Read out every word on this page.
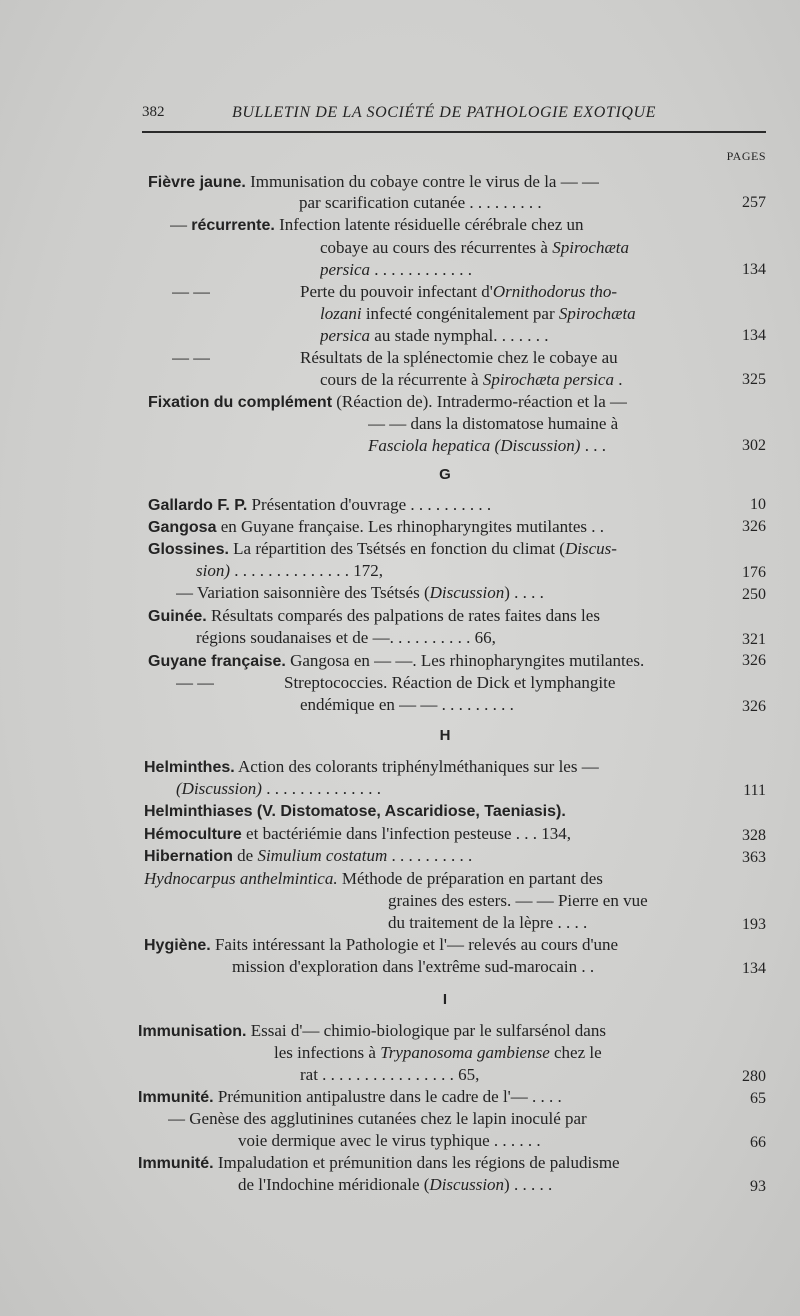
382	BULLETIN DE LA SOCIÉTÉ DE PATHOLOGIE EXOTIQUE
PAGES
Fièvre jaune. Immunisation du cobaye contre le virus de la — —
par scarification cutanée . . . . . . . . .	257
— récurrente. Infection latente résiduelle cérébrale chez un
cobaye au cours des récurrentes à Spirochæta
persica . . . . . . . . . . . .	134
— —	Perte du pouvoir infectant d'Ornithodorus tho-
lozani infecté congénitalement par Spirochæta
persica au stade nymphal. . . . . . .	134
— —	Résultats de la splénectomie chez le cobaye au
cours de la récurrente à Spirochæta persica .	325
Fixation du complément (Réaction de). Intradermo-réaction et la —
— — dans la distomatose humaine à
Fasciola hepatica (Discussion) . . .	302
G
Gallardo F. P. Présentation d'ouvrage . . . . . . . . . .	10
Gangosa en Guyane française. Les rhinopharyngites mutilantes . .	326
Glossines. La répartition des Tsétsés en fonction du climat (Discus-
sion) . . . . . . . . . . . . . . 172,	176
— Variation saisonnière des Tsétsés (Discussion) . . . .	250
Guinée. Résultats comparés des palpations de rates faites dans les
régions soudanaises et de —. . . . . . . . . . 66,	321
Guyane française. Gangosa en — —. Les rhinopharyngites mutilantes.	326
— —	Streptococcies. Réaction de Dick et lymphangite
endémique en — — . . . . . . . . .	326
H
Helminthes. Action des colorants triphénylméthaniques sur les —
(Discussion) . . . . . . . . . . . . . .	111
Helminthiases (V. Distomatose, Ascaridiose, Taeniasis).
Hémoculture et bactériémie dans l'infection pesteuse . . . 134,	328
Hibernation de Simulium costatum . . . . . . . . . .	363
Hydnocarpus anthelmintica. Méthode de préparation en partant des
graines des esters. — — Pierre en vue
du traitement de la lèpre . . . .	193
Hygiène. Faits intéressant la Pathologie et l'— relevés au cours d'une
mission d'exploration dans l'extrême sud-marocain . .	134
I
Immunisation. Essai d'— chimio-biologique par le sulfarsénol dans
les infections à Trypanosoma gambiense chez le
rat . . . . . . . . . . . . . . . . 65,	280
Immunité. Prémunition antipalustre dans le cadre de l'— . . . .	65
— Genèse des agglutinines cutanées chez le lapin inoculé par
voie dermique avec le virus typhique . . . . . .	66
Immunité. Impaludation et prémunition dans les régions de paludisme
de l'Indochine méridionale (Discussion) . . . . .	93
